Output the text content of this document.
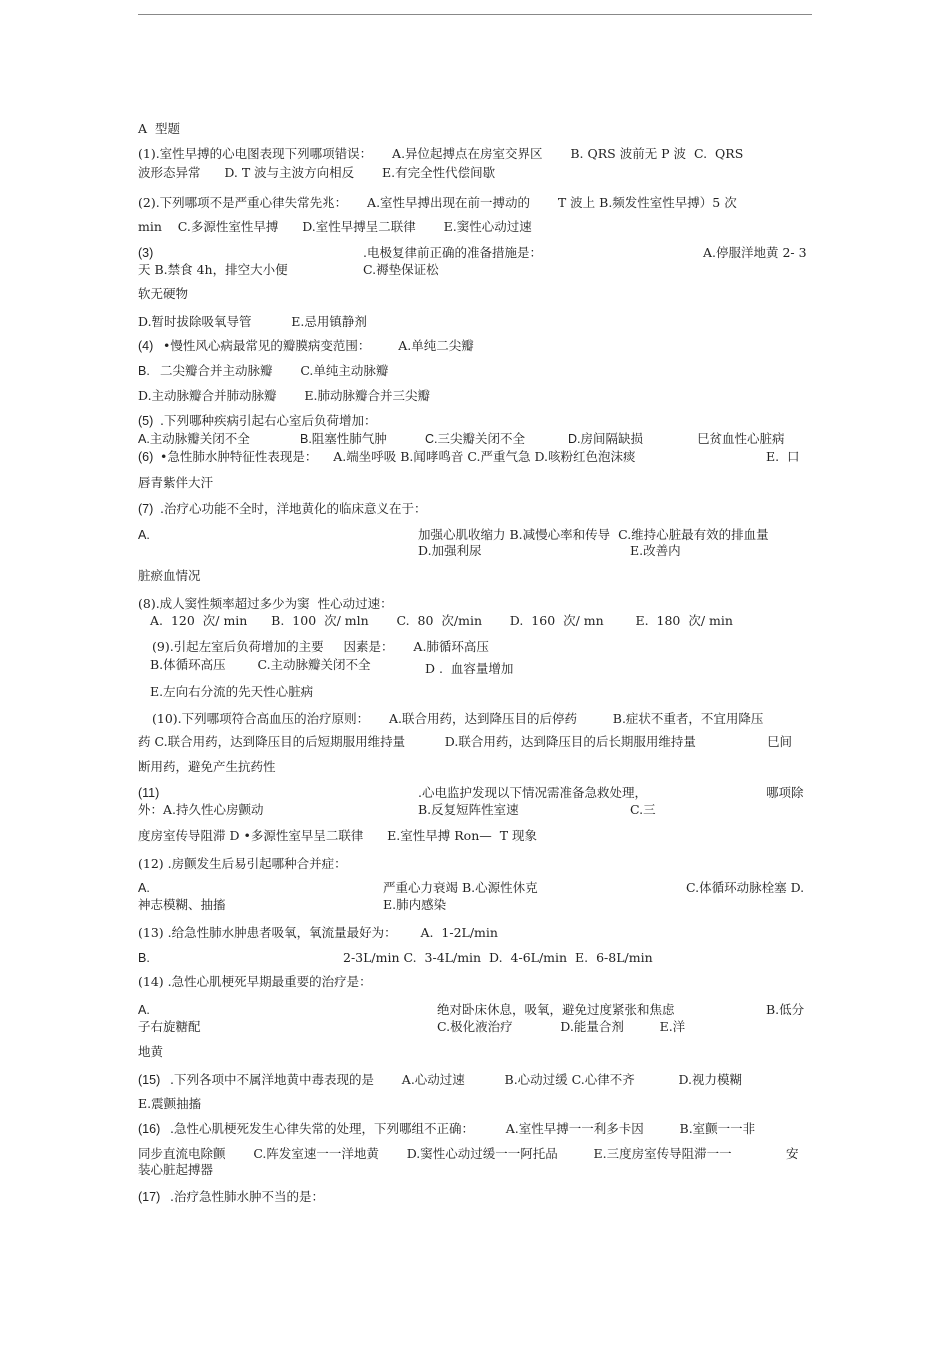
A  型题
(1).室性早搏的心电图表现下列哪项错误：     A.异位起搏点在房室交界区       B. QRS 波前无 P 波  C.  QRS
波形态异常      D. T 波与主波方向相反       E.有完全性代偿间歇
(2).下列哪项不是严重心律失常先兆：     A.室性早搏出现在前一搏动的       T 波上 B.频发性室性早搏）5 次
min    C.多源性室性早搏      D.室性早搏呈二联律       E.窦性心动过速
(3)	.电极复律前正确的准备措施是：	A.停服洋地黄 2- 3
天 B.禁食 4h，排空大小便	C.褥垫保证松
软无硬物
D.暂时拔除吸氧导管          E.忌用镇静剂
(4) •慢性风心病最常见的瓣膜病变范围：       A.单纯二尖瓣
B. 二尖瓣合并主动脉瓣       C.单纯主动脉瓣
D.主动脉瓣合并肺动脉瓣       E.肺动脉瓣合并三尖瓣
(5) .下列哪种疾病引起右心室后负荷增加：
A.主动脉瓣关闭不全	B.阻塞性肺气肿	C.三尖瓣关闭不全	D.房间隔缺损	巳贫血性心脏病
(6) •急性肺水肿特征性表现是：    A.端坐呼吸 B.闻哮鸣音 C.严重气急 D.咳粉红色泡沫痰	E.  口
唇青紫伴大汗
(7) .治疗心功能不全时，洋地黄化的临床意义在于：
A.	加强心肌收缩力 B.减慢心率和传导  C.维持心脏最有效的排血量
D.加强利尿	E.改善内
脏瘀血情况
(8).成人窦性频率超过多少为窦  性心动过速：
A.  120  次/ min      B.  100  次/ mln       C.  80  次/min       D.  160  次/ mn        E.  180  次/ min
(9).引起左室后负荷增加的主要     因素是：     A.肺循环高压
B.体循环高压        C.主动脉瓣关闭不全	D .  血容量增加
E.左向右分流的先天性心脏病
(10).下列哪项符合高血压的治疗原则：     A.联合用药，达到降压目的后停药         B.症状不重者，不宜用降压
药 C.联合用药，达到降压目的后短期服用维持量          D.联合用药，达到降压目的后长期服用维持量	巳间
断用药，避免产生抗药性
(11)	.心电监护发现以下情况需准备急救处理，	哪项除
外：A.持久性心房颤动	B.反复短阵性室速	C.三
度房室传导阻滞 D •多源性室早呈二联律      E.室性早搏 Ron—  T 现象
(12) .房颤发生后易引起哪种合并症：
A.	严重心力衰竭 B.心源性休克	C.体循环动脉栓塞 D.
神志模糊、抽搐	E.肺内感染
(13) .给急性肺水肿患者吸氧，氧流量最好为：      A.  1-2L/min
B.	2-3L/min C.  3-4L/min  D.  4-6L/min  E.  6-8L/min
(14) .急性心肌梗死早期最重要的治疗是：
A.	绝对卧床休息，吸氧，避免过度紧张和焦虑	B.低分
子右旋糖配	C.极化液治疗            D.能量合剂         E.洋
地黄
(15) .下列各项中不属洋地黄中毒表现的是       A.心动过速          B.心动过缓 C.心律不齐           D.视力模糊
E.震颤抽搐
(16) .急性心肌梗死发生心律失常的处理，下列哪组不正确：        A.室性早搏一一利多卡因         B.室颤一一非
同步直流电除颤       C.阵发室速一一洋地黄       D.窦性心动过缓一一阿托品         E.三度房室传导阻滞一一	安
装心脏起搏器
(17) .治疗急性肺水肿不当的是：
